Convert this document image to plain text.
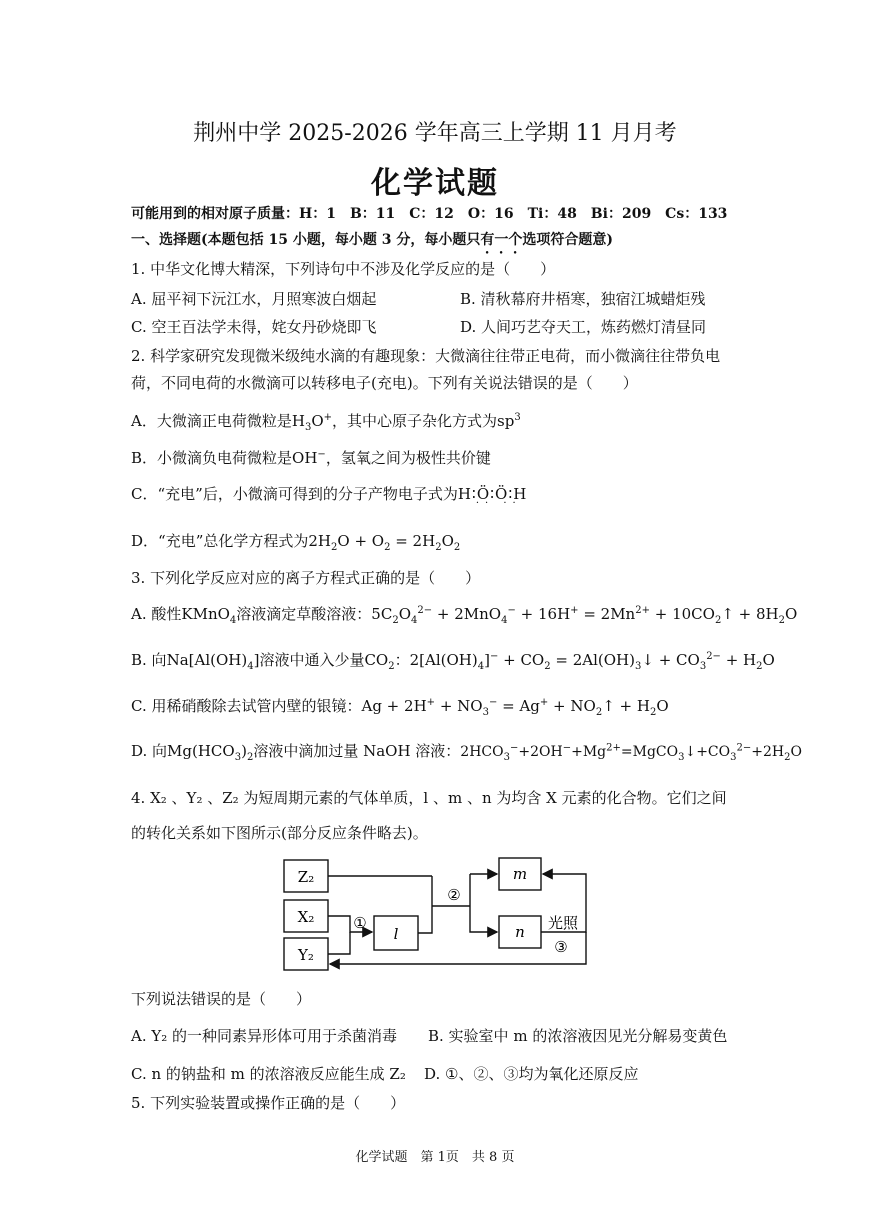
荆州中学 2025-2026 学年高三上学期 11 月月考
化学试题
可能用到的相对原子质量：H：1　B：11　C：12　O：16　Ti：48　Bi：209　Cs：133
一、选择题(本题包括 15 小题，每小题 3 分，每小题只有一个选项符合题意)
1. 中华文化博大精深，下列诗句中不涉及化学反应的是（　　）
A. 屈平祠下沅江水，月照寒波白烟起	B. 清秋幕府井梧寒，独宿江城蜡炬残
C. 空王百法学未得，姹女丹砂烧即飞	D. 人间巧艺夺天工，炼药燃灯清昼同
2. 科学家研究发现微米级纯水滴的有趣现象：大微滴往往带正电荷，而小微滴往往带负电
荷，不同电荷的水微滴可以转移电子(充电)。下列有关说法错误的是（　　）
A．大微滴正电荷微粒是$H_3O^+$，其中心原子杂化方式为$sp^3$
B．小微滴负电荷微粒是OH−，氢氧之间为极性共价键
C．“充电”后，小微滴可得到的分子产物电子式为H∶Ö∶Ö∶H
·· ··
D．“充电”总化学方程式为$2H_2O + O_2 = 2H_2O_2$
3. 下列化学反应对应的离子方程式正确的是（　　）
A. 酸性KMnO$_4$溶液滴定草酸溶液：$5C_2O_4^{2-} + 2MnO_4^- + 16H^+ = 2Mn^{2+}$ + $10CO_2↑ + 8H_2O$
B. 向$Na[Al(OH)_4]$溶液中通入少量$CO_2$：$2[Al(OH)_4]^- + CO_2$ = $2Al(OH)_3↓ + CO_3^{2-} + H_2O$
C. 用稀硝酸除去试管内壁的银镜：$Ag + 2H^+ + NO_3^- = Ag^+$ + $NO_2↑ + H_2O$
D. 向$Mg(HCO_3)_2$溶液中滴加过量 NaOH 溶液：$2HCO_3^-+2OH^-+Mg^{2+}=MgCO_3↓+CO_3^{2-}+2H_2O$
4. X₂ 、Y₂ 、Z₂ 为短周期元素的气体单质，l 、m 、n 为均含 X 元素的化合物。它们之间
的转化关系如下图所示(部分反应条件略去)。
Z₂
X₂
Y₂
l
m
n
①
②
③
光照
下列说法错误的是（　　）
A. Y₂ 的一种同素异形体可用于杀菌消毒 B. 实验室中 m 的浓溶液因见光分解易变黄色
C. n 的钠盐和 m 的浓溶液反应能生成 Z₂ D. ①、②、③均为氧化还原反应
5. 下列实验装置或操作正确的是（　　）
化学试题　第 1页　共 8 页
